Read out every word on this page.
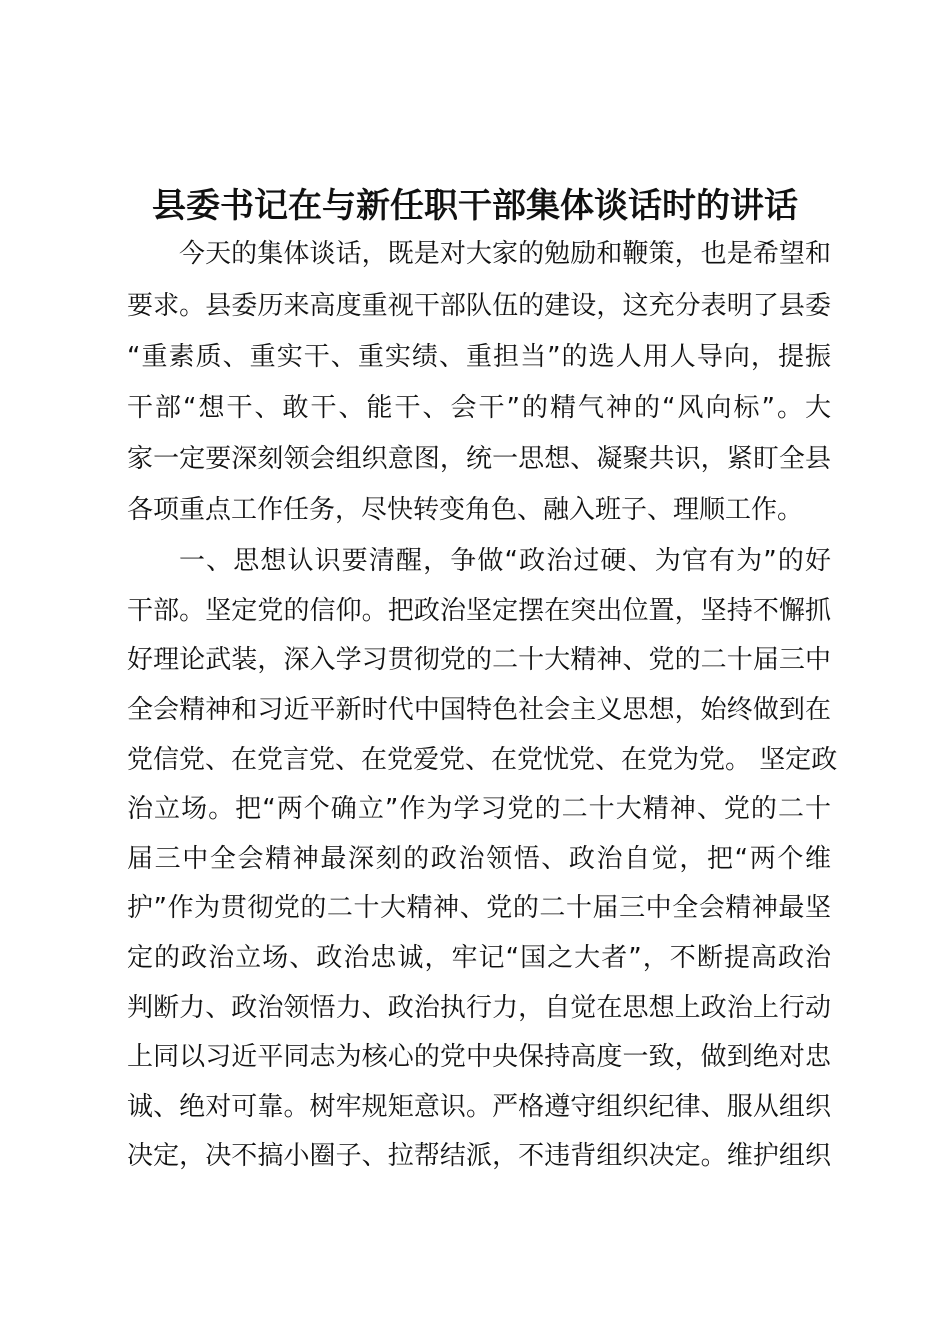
县委书记在与新任职干部集体谈话时的讲话
今天的集体谈话，既是对大家的勉励和鞭策，也是希望和
要求。县委历来高度重视干部队伍的建设，这充分表明了县委
“重素质、重实干、重实绩、重担当”的选人用人导向，提振
干部“想干、敢干、能干、会干”的精气神的“风向标”。大
家一定要深刻领会组织意图，统一思想、凝聚共识，紧盯全县
各项重点工作任务，尽快转变角色、融入班子、理顺工作。
一、思想认识要清醒，争做“政治过硬、为官有为”的好
干部。坚定党的信仰。把政治坚定摆在突出位置，坚持不懈抓
好理论武装，深入学习贯彻党的二十大精神、党的二十届三中
全会精神和习近平新时代中国特色社会主义思想，始终做到在
党信党、在党言党、在党爱党、在党忧党、在党为党。 坚定政
治立场。把“两个确立”作为学习党的二十大精神、党的二十
届三中全会精神最深刻的政治领悟、政治自觉，把“两个维
护”作为贯彻党的二十大精神、党的二十届三中全会精神最坚
定的政治立场、政治忠诚，牢记“国之大者”，不断提高政治
判断力、政治领悟力、政治执行力，自觉在思想上政治上行动
上同以习近平同志为核心的党中央保持高度一致，做到绝对忠
诚、绝对可靠。树牢规矩意识。严格遵守组织纪律、服从组织
决定，决不搞小圈子、拉帮结派，不违背组织决定。维护组织
